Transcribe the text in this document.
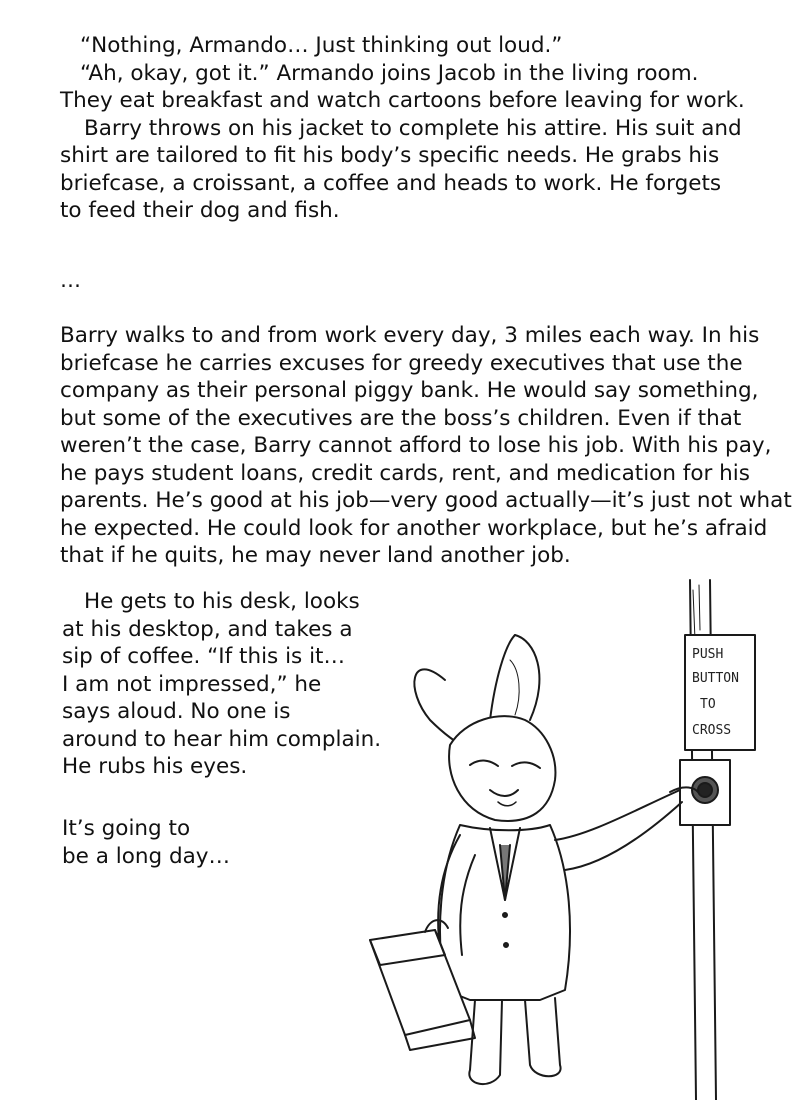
“Nothing, Armando… Just thinking out loud.”
“Ah, okay, got it.” Armando joins Jacob in the living room.
They eat breakfast and watch cartoons before leaving for work.
Barry throws on his jacket to complete his attire. His suit and
shirt are tailored to fit his body’s specific needs. He grabs his
briefcase, a croissant, a coffee and heads to work. He forgets
to feed their dog and fish.
…
Barry walks to and from work every day, 3 miles each way. In his
briefcase he carries excuses for greedy executives that use the
company as their personal piggy bank. He would say something,
but some of the executives are the boss’s children. Even if that
weren’t the case, Barry cannot afford to lose his job. With his pay,
he pays student loans, credit cards, rent, and medication for his
parents. He’s good at his job—very good actually—it’s just not what
he expected. He could look for another workplace, but he’s afraid
that if he quits, he may never land another job.
He gets to his desk, looks
at his desktop, and takes a
sip of coffee. “If this is it…
I am not impressed,” he
says aloud. No one is
around to hear him complain.
He rubs his eyes.
It’s going to
be a long day…
PUSH
BUTTON
TO
CROSS
